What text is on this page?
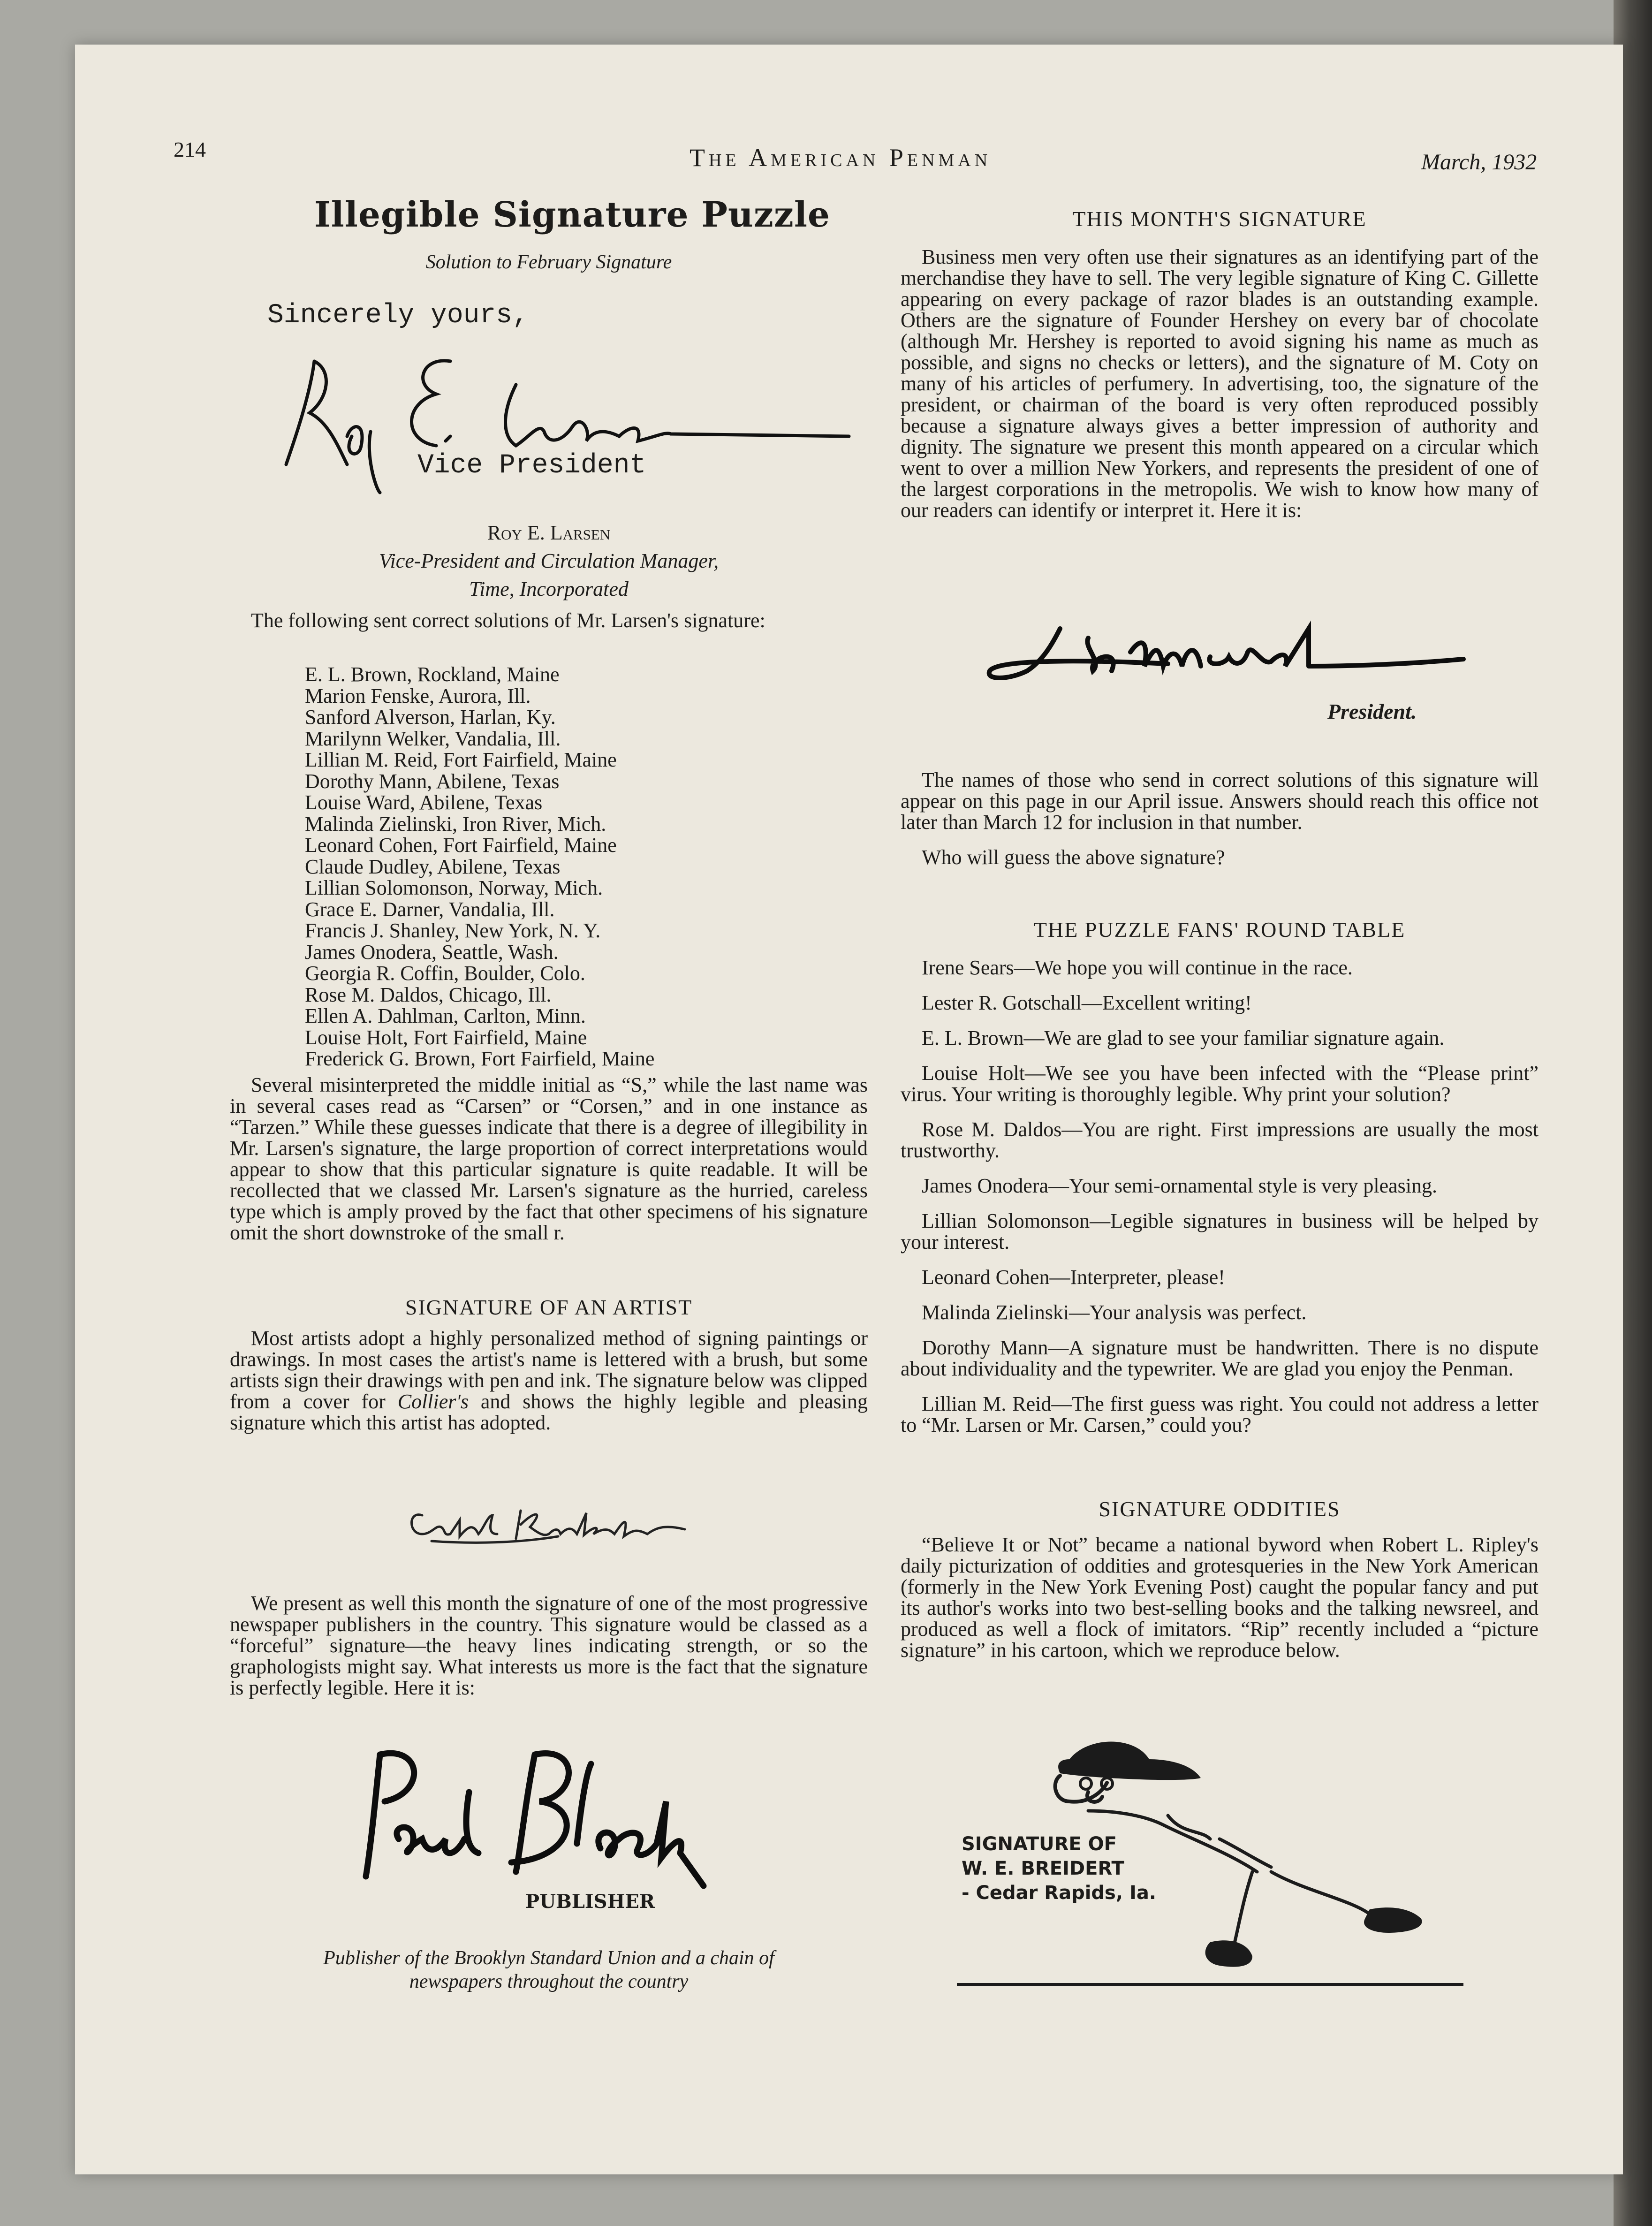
214	The American Penman	March, 1932
Illegible Signature Puzzle
Solution to February Signature
Sincerely yours,
Vice President
Roy E. Larsen
Vice-President and Circulation Manager,
Time, Incorporated

The following sent correct solutions of Mr. Larsen's signature:

E. L. Brown, Rockland, Maine
Marion Fenske, Aurora, Ill.
Sanford Alverson, Harlan, Ky.
Marilynn Welker, Vandalia, Ill.
Lillian M. Reid, Fort Fairfield, Maine
Dorothy Mann, Abilene, Texas
Louise Ward, Abilene, Texas
Malinda Zielinski, Iron River, Mich.
Leonard Cohen, Fort Fairfield, Maine
Claude Dudley, Abilene, Texas
Lillian Solomonson, Norway, Mich.
Grace E. Darner, Vandalia, Ill.
Francis J. Shanley, New York, N. Y.
James Onodera, Seattle, Wash.
Georgia R. Coffin, Boulder, Colo.
Rose M. Daldos, Chicago, Ill.
Ellen A. Dahlman, Carlton, Minn.
Louise Holt, Fort Fairfield, Maine
Frederick G. Brown, Fort Fairfield, Maine

Several misinterpreted the middle initial as “S,” while the last name was in several cases read as “Carsen” or “Corsen,” and in one instance as “Tarzen.” While these guesses indicate that there is a degree of illegibility in Mr. Larsen's signature, the large proportion of correct interpretations would appear to show that this particular signature is quite readable. It will be recollected that we classed Mr. Larsen's signature as the hurried, careless type which is amply proved by the fact that other specimens of his signature omit the short downstroke of the small r.

SIGNATURE OF AN ARTIST

Most artists adopt a highly personalized method of signing paintings or drawings. In most cases the artist's name is lettered with a brush, but some artists sign their drawings with pen and ink. The signature below was clipped from a cover for Collier's and shows the highly legible and pleasing signature which this artist has adopted.

We present as well this month the signature of one of the most progressive newspaper publishers in the country. This signature would be classed as a “forceful” signature—the heavy lines indicating strength, or so the graphologists might say. What interests us more is the fact that the signature is perfectly legible. Here it is:

PUBLISHER
Publisher of the Brooklyn Standard Union and a chain of
newspapers throughout the country
THIS MONTH'S SIGNATURE

Business men very often use their signatures as an identifying part of the merchandise they have to sell. The very legible signature of King C. Gillette appearing on every package of razor blades is an outstanding example. Others are the signature of Founder Hershey on every bar of chocolate (although Mr. Hershey is reported to avoid signing his name as much as possible, and signs no checks or letters), and the signature of M. Coty on many of his articles of perfumery. In advertising, too, the signature of the president, or chairman of the board is very often reproduced possibly because a signature always gives a better impression of authority and dignity. The signature we present this month appeared on a circular which went to over a million New Yorkers, and represents the president of one of the largest corporations in the metropolis. We wish to know how many of our readers can identify or interpret it. Here it is:

President.

The names of those who send in correct solutions of this signature will appear on this page in our April issue. Answers should reach this office not later than March 12 for inclusion in that number.

Who will guess the above signature?

THE PUZZLE FANS' ROUND TABLE

Irene Sears—We hope you will continue in the race.

Lester R. Gotschall—Excellent writing!

E. L. Brown—We are glad to see your familiar signature again.

Louise Holt—We see you have been infected with the “Please print” virus. Your writing is thoroughly legible. Why print your solution?

Rose M. Daldos—You are right. First impressions are usually the most trustworthy.

James Onodera—Your semi-ornamental style is very pleasing.

Lillian Solomonson—Legible signatures in business will be helped by your interest.

Leonard Cohen—Interpreter, please!

Malinda Zielinski—Your analysis was perfect.

Dorothy Mann—A signature must be handwritten. There is no dispute about individuality and the typewriter. We are glad you enjoy the Penman.

Lillian M. Reid—The first guess was right. You could not address a letter to “Mr. Larsen or Mr. Carsen,” could you?

SIGNATURE ODDITIES

“Believe It or Not” became a national byword when Robert L. Ripley's daily picturization of oddities and grotesqueries in the New York American (formerly in the New York Evening Post) caught the popular fancy and put its author's works into two best-selling books and the talking newsreel, and produced as well a flock of imitators. “Rip” recently included a “picture signature” in his cartoon, which we reproduce below.

SIGNATURE OF
W. E. BREIDERT
- Cedar Rapids, Ia.
